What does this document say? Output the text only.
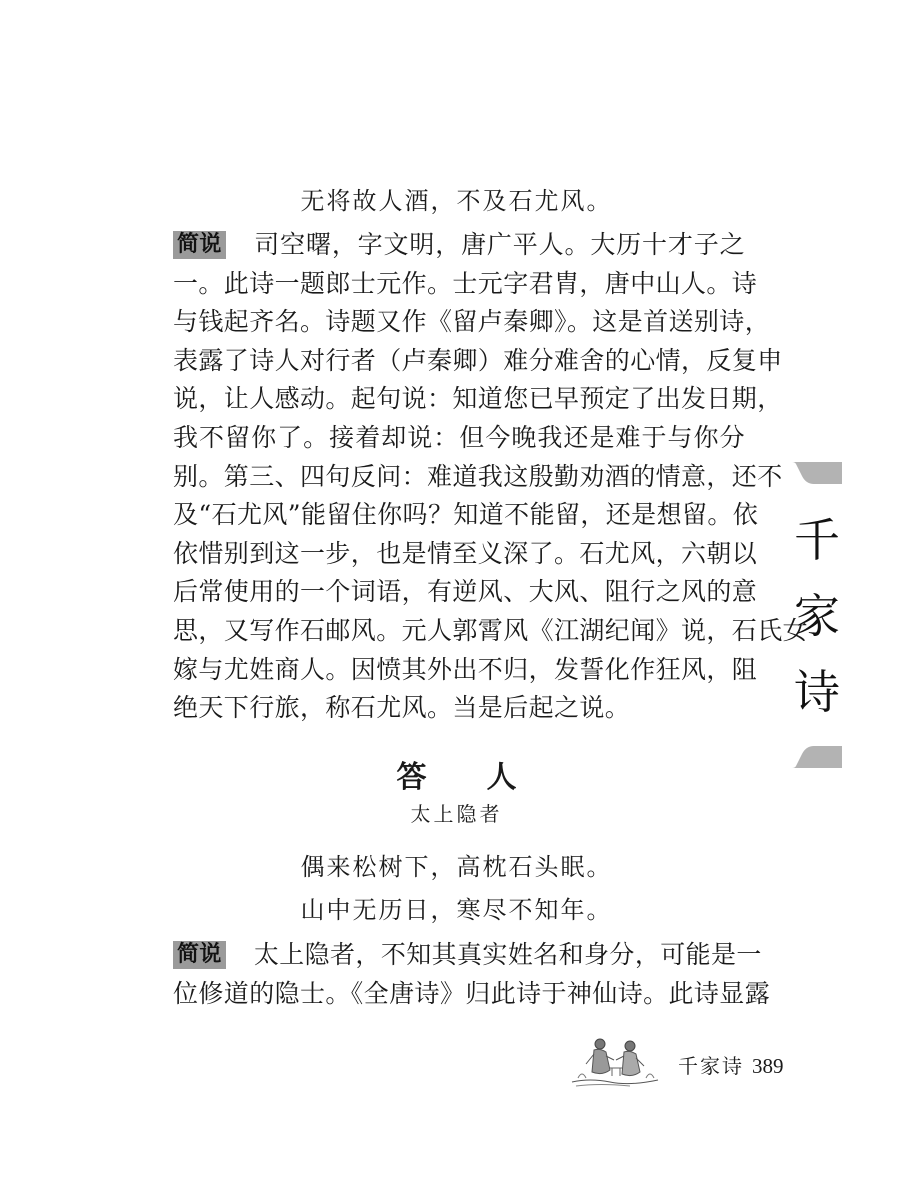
无将故人酒，不及石尤风。
简说 司空曙，字文明，唐广平人。大历十才子之
一。此诗一题郎士元作。士元字君胄，唐中山人。诗
与钱起齐名。诗题又作《留卢秦卿》。这是首送别诗，
表露了诗人对行者（卢秦卿）难分难舍的心情，反复申
说，让人感动。起句说：知道您已早预定了出发日期，
我不留你了。接着却说：但今晚我还是难于与你分
别。第三、四句反问：难道我这殷勤劝酒的情意，还不
及“石尤风”能留住你吗？知道不能留，还是想留。依
依惜别到这一步，也是情至义深了。石尤风，六朝以
后常使用的一个词语，有逆风、大风、阻行之风的意
思，又写作石邮风。元人郭霄风《江湖纪闻》说，石氏女
嫁与尤姓商人。因愤其外出不归，发誓化作狂风，阻
绝天下行旅，称石尤风。当是后起之说。
答人
太上隐者
偶来松树下，高枕石头眠。
山中无历日，寒尽不知年。
简说 太上隐者，不知其真实姓名和身分，可能是一
位修道的隐士。《全唐诗》归此诗于神仙诗。此诗显露
千
家
诗
千家诗 389
